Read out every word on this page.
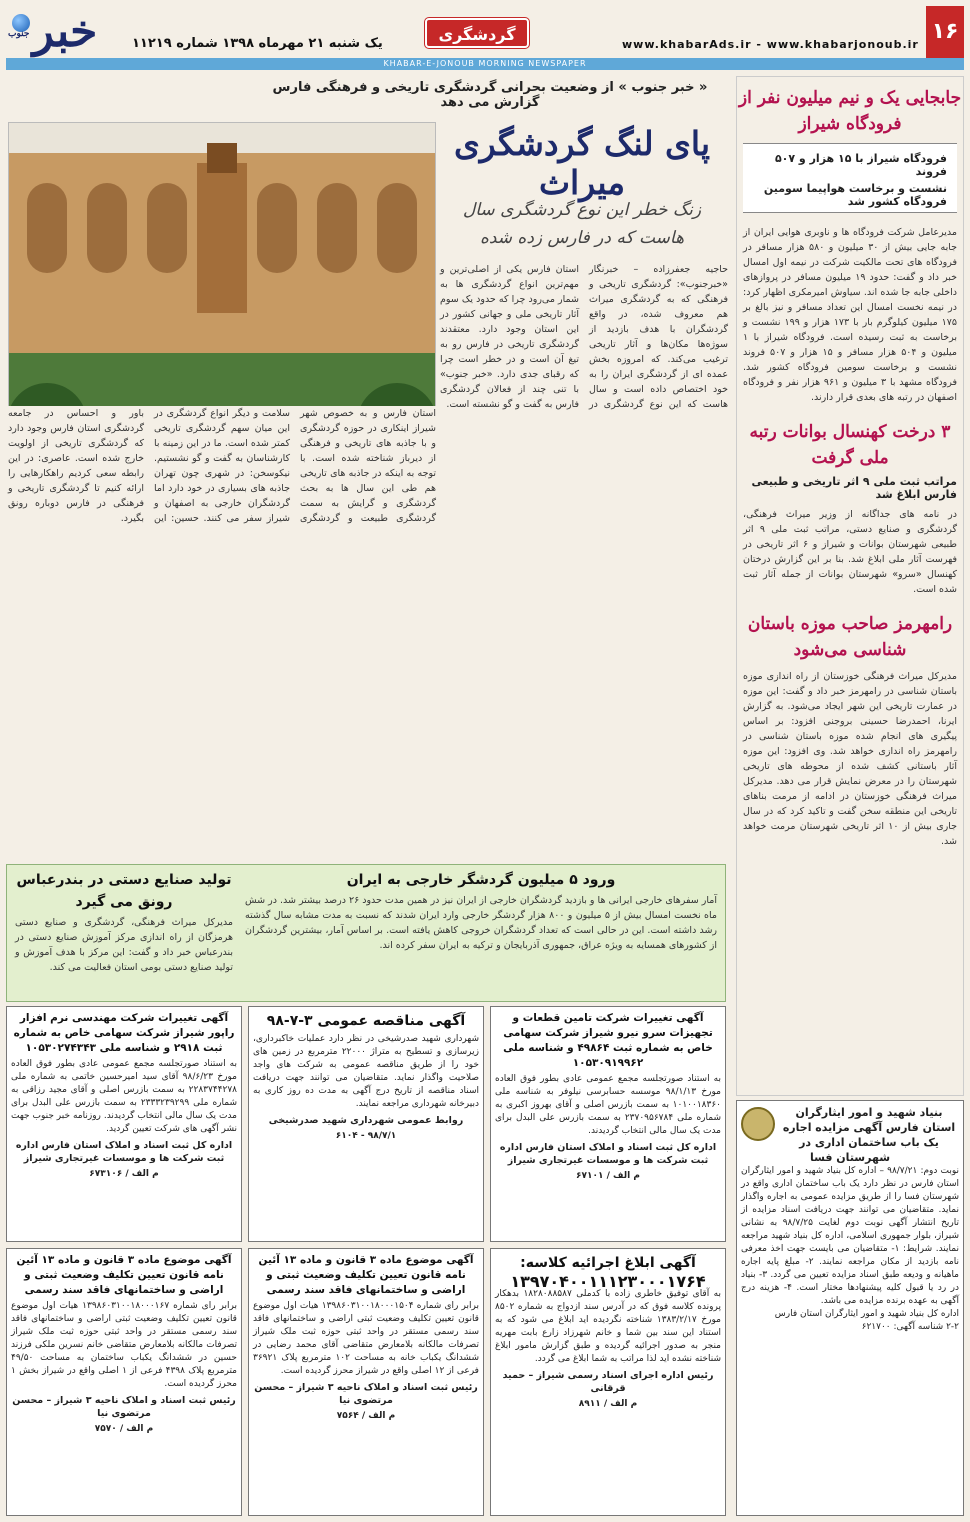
جنوب خبر	یک شنبه ۲۱ مهرماه ۱۳۹۸ شماره ۱۱۲۱۹	گردشگری
www.khabarAds.ir - www.khabarjonoub.ir
۱۶
KHABAR-E-JONOUB MORNING NEWSPAPER
« خبر جنوب » از وضعیت بحرانی گردشگری تاریخی و فرهنگی فارس گزارش می دهد
پای لنگ گردشگری میراث
زنگ خطر این نوع گردشگری سال هاست که در فارس زده شده
حاجیه جعفرزاده – خبرنگار «خبرجنوب»: گردشگری تاریخی و فرهنگی که به گردشگری میراث هم معروف شده، در واقع گردشگران با هدف بازدید از سوژه‌ها مکان‌ها و آثار تاریخی ترغیب می‌کند. که امروزه بخش عمده ای از گردشگری ایران را به خود اختصاص داده است و سال هاست که این نوع گردشگری در استان فارس یکی از اصلی‌ترین و مهم‌ترین انواع گردشگری ها به شمار می‌رود چرا که حدود یک سوم آثار تاریخی ملی و جهانی کشور در این استان وجود دارد. معتقدند گردشگری تاریخی در فارس رو به تیغ آن است و در خطر است چرا که رقبای جدی دارد. «خبر جنوب» با تنی چند از فعالان گردشگری فارس به گفت و گو نشسته است.
استان فارس و به خصوص شهر شیراز اینکاری در حوزه گردشگری و با جاذبه های تاریخی و فرهنگی از دیرباز شناخته شده است. با توجه به اینکه در جاذبه های تاریخی هم طی این سال ها به بحث گردشگری و گرایش به سمت گردشگری طبیعت و گردشگری سلامت و دیگر انواع گردشگری در این میان سهم گردشگری تاریخی کمتر شده است. ما در این زمینه با کارشناسان به گفت و گو نشستیم. نیکوسخن: در شهری چون تهران جاذبه های بسیاری در خود دارد اما گردشگران خارجی به اصفهان و شیراز سفر می کنند. حسین: این باور و احساس در جامعه گردشگری استان فارس وجود دارد که گردشگری تاریخی از اولویت خارج شده است. عاصری: در این رابطه سعی کردیم راهکارهایی را ارائه کنیم تا گردشگری تاریخی و فرهنگی در فارس دوباره رونق بگیرد.
جابجایی یک و نیم میلیون نفر از فرودگاه شیراز
فرودگاه شیراز با ۱۵ هزار و ۵۰۷ فروند
نشست و برخاست هواپیما سومین فرودگاه کشور شد
مدیرعامل شرکت فرودگاه ها و ناوبری هوایی ایران از جابه جایی بیش از ۳۰ میلیون و ۵۸۰ هزار مسافر در فرودگاه های تحت مالکیت شرکت در نیمه اول امسال خبر داد و گفت: حدود ۱۹ میلیون مسافر در پروازهای داخلی جابه جا شده اند. سیاوش امیرمکری اظهار کرد: در نیمه نخست امسال این تعداد مسافر و نیز بالغ بر ۱۷۵ میلیون کیلوگرم بار با ۱۷۳ هزار و ۱۹۹ نشست و برخاست به ثبت رسیده است. فرودگاه شیراز با ۱ میلیون و ۵۰۴ هزار مسافر و ۱۵ هزار و ۵۰۷ فروند نشست و برخاست سومین فرودگاه کشور شد. فرودگاه مشهد با ۳ میلیون و ۹۶۱ هزار نفر و فرودگاه اصفهان در رتبه های بعدی قرار دارند.
۳ درخت کهنسال بوانات رتبه ملی گرفت
مراتب ثبت ملی ۹ اثر تاریخی و طبیعی فارس ابلاغ شد
در نامه های جداگانه از وزیر میراث فرهنگی، گردشگری و صنایع دستی، مراتب ثبت ملی ۹ اثر طبیعی شهرستان بوانات و شیراز و ۶ اثر تاریخی در فهرست آثار ملی ابلاغ شد. بنا بر این گزارش درختان کهنسال «سرو» شهرستان بوانات از جمله آثار ثبت شده است.
رامهرمز صاحب موزه باستان شناسی می‌شود
مدیرکل میراث فرهنگی خوزستان از راه اندازی موزه باستان شناسی در رامهرمز خبر داد و گفت: این موزه در عمارت تاریخی این شهر ایجاد می‌شود. به گزارش ایرنا، احمدرضا حسینی بروجنی افزود: بر اساس پیگیری های انجام شده موزه باستان شناسی در رامهرمز راه اندازی خواهد شد. وی افزود: این موزه آثار باستانی کشف شده از محوطه های تاریخی شهرستان را در معرض نمایش قرار می دهد. مدیرکل میراث فرهنگی خوزستان در ادامه از مرمت بناهای تاریخی این منطقه سخن گفت و تاکید کرد که در سال جاری بیش از ۱۰ اثر تاریخی شهرستان مرمت خواهد شد.
ورود ۵ میلیون گردشگر خارجی به ایران
آمار سفرهای خارجی ایرانی ها و بازدید گردشگران خارجی از ایران نیز در همین مدت حدود ۲۶ درصد بیشتر شد. در شش ماه نخست امسال بیش از ۵ میلیون و ۸۰۰ هزار گردشگر خارجی وارد ایران شدند که نسبت به مدت مشابه سال گذشته رشد داشته است. این در حالی است که تعداد گردشگران خروجی کاهش یافته است. بر اساس آمار، بیشترین گردشگران از کشورهای همسایه به ویژه عراق، جمهوری آذربایجان و ترکیه به ایران سفر کرده اند.
تولید صنایع دستی در بندرعباس رونق می گیرد
مدیرکل میراث فرهنگی، گردشگری و صنایع دستی هرمزگان از راه اندازی مرکز آموزش صنایع دستی در بندرعباس خبر داد و گفت: این مرکز با هدف آموزش و تولید صنایع دستی بومی استان فعالیت می کند.
آگهی تغییرات شرکت مهندسی نرم افزار راپور شیراز شرکت سهامی خاص به شماره ثبت ۲۹۱۸ و شناسه ملی ۱۰۵۳۰۲۷۴۳۴۳
به استناد صورتجلسه مجمع عمومی عادی بطور فوق العاده مورخ ۹۸/۶/۲۳ آقای سید امیرحسین خاتمی به شماره ملی ۲۲۸۳۷۴۴۲۷۸ به سمت بازرس اصلی و آقای مجید رزاقی به شماره ملی ۲۳۳۳۲۳۹۲۹۹ به سمت بازرس علی البدل برای مدت یک سال مالی انتخاب گردیدند. روزنامه خبر جنوب جهت نشر آگهی های شرکت تعیین گردید.
اداره کل ثبت اسناد و املاک استان فارس اداره ثبت شرکت ها و موسسات غیرتجاری شیراز
۶۷۳۱۰۶ / م الف
آگهی مناقصه عمومی ۳-۷-۹۸
شهرداری شهید صدرشیخی در نظر دارد عملیات خاکبرداری، زیرسازی و تسطیح به متراژ ۲۲۰۰۰ مترمربع در زمین های خود را از طریق مناقصه عمومی به شرکت های واجد صلاحیت واگذار نماید. متقاضیان می توانند جهت دریافت اسناد مناقصه از تاریخ درج آگهی به مدت ده روز کاری به دبیرخانه شهرداری مراجعه نمایند.
روابط عمومی شهرداری شهید صدرشیخی
۶۱۰۴ - ۹۸/۷/۱
آگهی تغییرات شرکت تامین قطعات و تجهیزات سرو نیرو شیراز شرکت سهامی خاص به شماره ثبت ۴۹۸۶۴ و شناسه ملی ۱۰۵۳۰۹۱۹۹۶۲
به استناد صورتجلسه مجمع عمومی عادی بطور فوق العاده مورخ ۹۸/۱/۱۳ موسسه حسابرسی نیلوفر به شناسه ملی ۱۰۱۰۰۱۸۳۶۰ به سمت بازرس اصلی و آقای بهروز اکبری به شماره ملی ۲۳۷۰۹۵۶۷۸۴ به سمت بازرس علی البدل برای مدت یک سال مالی انتخاب گردیدند.
اداره کل ثبت اسناد و املاک استان فارس اداره ثبت شرکت ها و موسسات غیرتجاری شیراز
۶۷۱۰۱ / م الف
آگهی موضوع ماده ۳ قانون و ماده ۱۳ آئین نامه قانون تعیین تکلیف وضعیت ثبتی و اراضی و ساختمانهای فاقد سند رسمی
برابر رای شماره ۱۳۹۸۶۰۳۱۰۰۱۸۰۰۰۱۶۷ هیات اول موضوع قانون تعیین تکلیف وضعیت ثبتی اراضی و ساختمانهای فاقد سند رسمی مستقر در واحد ثبتی حوزه ثبت ملک شیراز تصرفات مالکانه بلامعارض متقاضی خانم نسرین ملکی فرزند حسین در ششدانگ یکباب ساختمان به مساحت ۴۹/۵۰ مترمربع پلاک ۴۳۹۸ فرعی از ۱ اصلی واقع در شیراز بخش ۱ محرز گردیده است.
رئیس ثبت اسناد و املاک ناحیه ۳ شیراز – محسن مرتضوی نیا
۷۵۷۰ / م الف
آگهی موضوع ماده ۳ قانون و ماده ۱۳ آئین نامه قانون تعیین تکلیف وضعیت ثبتی و اراضی و ساختمانهای فاقد سند رسمی
برابر رای شماره ۱۳۹۸۶۰۳۱۰۰۱۸۰۰۰۱۵۰۴ هیات اول موضوع قانون تعیین تکلیف وضعیت ثبتی اراضی و ساختمانهای فاقد سند رسمی مستقر در واحد ثبتی حوزه ثبت ملک شیراز تصرفات مالکانه بلامعارض متقاضی آقای محمد رضایی در ششدانگ یکباب خانه به مساحت ۱۰۲ مترمربع پلاک ۳۶۹۲۱ فرعی از ۱۲ اصلی واقع در شیراز محرز گردیده است.
رئیس ثبت اسناد و املاک ناحیه ۳ شیراز – محسن مرتضوی نیا
۷۵۶۴ / م الف
آگهی ابلاغ اجرائیه کلاسه:
۱۳۹۷۰۴۰۰۱۱۱۲۳۰۰۰۱۷۶۴
به آقای توفیق خاطری زاده با کدملی ۱۸۲۸۰۸۸۵۸۷ بدهکار پرونده کلاسه فوق که در آدرس سند ازدواج به شماره ۸۵۰۲ مورخ ۱۳۸۳/۲/۱۷ شناخته نگردیده اید ابلاغ می شود که به استناد این سند بین شما و خانم شهرزاد زارع بابت مهریه منجر به صدور اجرائیه گردیده و طبق گزارش مامور ابلاغ شناخته نشده اید لذا مراتب به شما ابلاغ می گردد.
رئیس اداره اجرای اسناد رسمی شیراز – حمید قرقانی
۸۹۱۱ / م الف
بنیاد شهید و امور ایثارگران استان فارس آگهی مزایده اجاره یک باب ساختمان اداری در شهرستان فسا
نوبت دوم: ۹۸/۷/۲۱ – اداره کل بنیاد شهید و امور ایثارگران استان فارس در نظر دارد یک باب ساختمان اداری واقع در شهرستان فسا را از طریق مزایده عمومی به اجاره واگذار نماید. متقاضیان می توانند جهت دریافت اسناد مزایده از تاریخ انتشار آگهی نوبت دوم لغایت ۹۸/۷/۲۵ به نشانی شیراز، بلوار جمهوری اسلامی، اداره کل بنیاد شهید مراجعه نمایند. شرایط: ۱- متقاضیان می بایست جهت اخذ معرفی نامه بازدید از مکان مراجعه نمایند. ۲- مبلغ پایه اجاره ماهیانه و ودیعه طبق اسناد مزایده تعیین می گردد. ۳- بنیاد در رد یا قبول کلیه پیشنهادها مختار است. ۴- هزینه درج آگهی به عهده برنده مزایده می باشد.
اداره کل بنیاد شهید و امور ایثارگران استان فارس
۲-۲ شناسه آگهی: ۶۲۱۷۰۰
